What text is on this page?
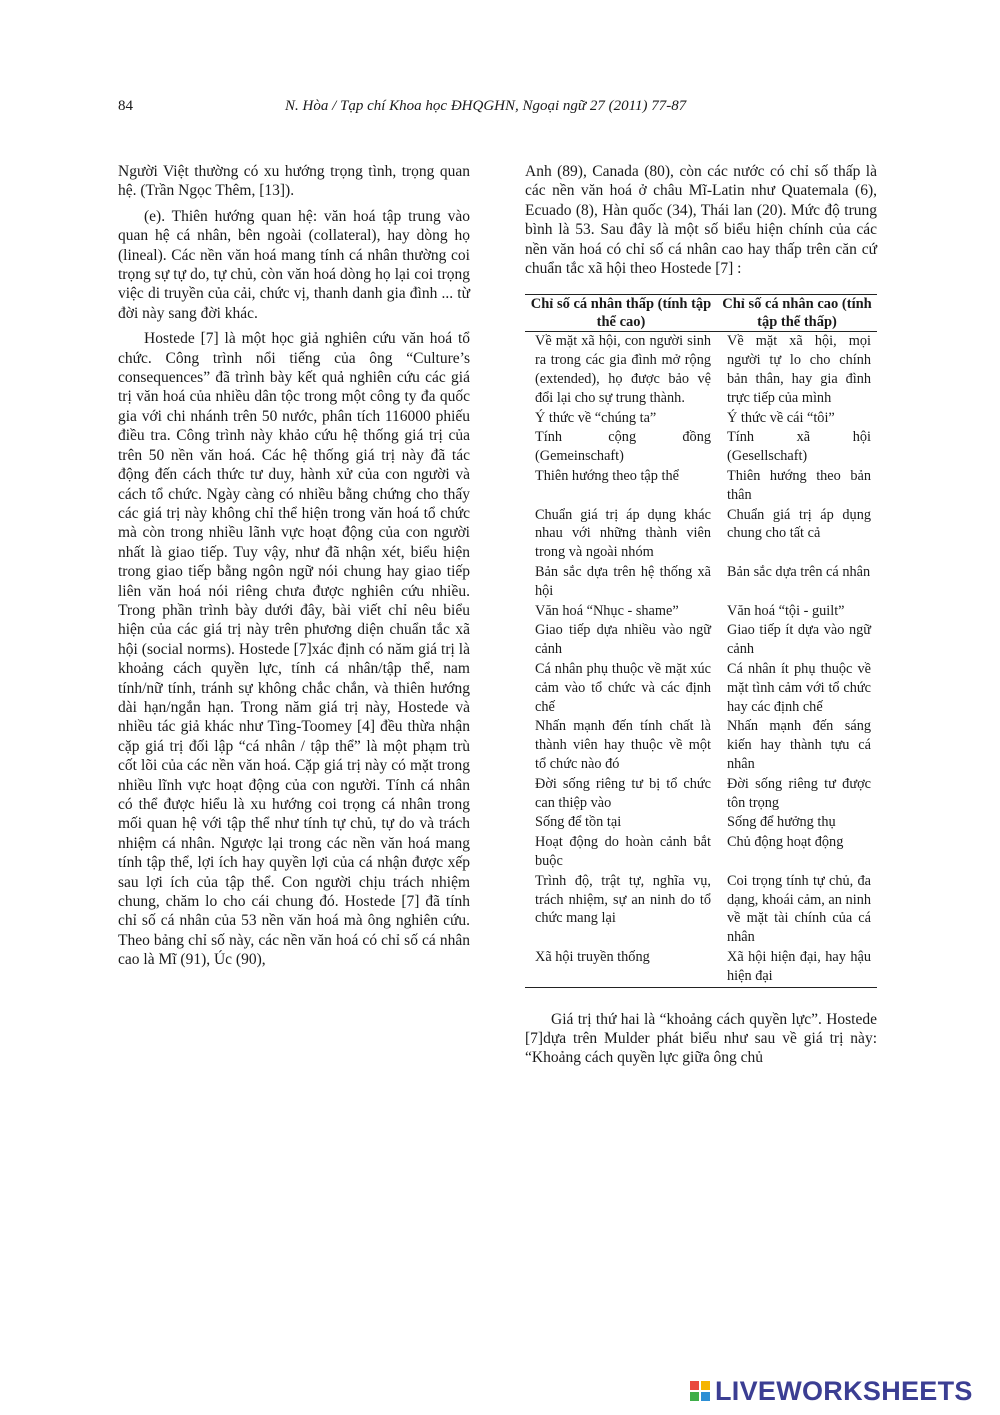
84	N. Hòa / Tạp chí Khoa học ĐHQGHN, Ngoại ngữ 27 (2011) 77-87

Người Việt thường có xu hướng trọng tình, trọng quan hệ. (Trần Ngọc Thêm, [13]).

(e). Thiên hướng quan hệ: văn hoá tập trung vào quan hệ cá nhân, bên ngoài (collateral), hay dòng họ (lineal). Các nền văn hoá mang tính cá nhân thường coi trọng sự tự do, tự chủ, còn văn hoá dòng họ lại coi trọng việc di truyền của cải, chức vị, thanh danh gia đình ... từ đời này sang đời khác.

Hostede [7] là một học giả nghiên cứu văn hoá tổ chức. Công trình nổi tiếng của ông “Culture’s consequences” đã trình bày kết quả nghiên cứu các giá trị văn hoá của nhiều dân tộc trong một công ty đa quốc gia với chi nhánh trên 50 nước, phân tích 116000 phiếu điều tra. Công trình này khảo cứu hệ thống giá trị của trên 50 nền văn hoá. Các hệ thống giá trị này đã tác động đến cách thức tư duy, hành xử của con người và cách tổ chức. Ngày càng có nhiều bằng chứng cho thấy các giá trị này không chỉ thể hiện trong văn hoá tổ chức mà còn trong nhiều lãnh vực hoạt động của con người nhất là giao tiếp. Tuy vậy, như đã nhận xét, biểu hiện trong giao tiếp bằng ngôn ngữ nói chung hay giao tiếp liên văn hoá nói riêng chưa được nghiên cứu nhiều. Trong phần trình bày dưới đây, bài viết chỉ nêu biểu hiện của các giá trị này trên phương diện chuẩn tắc xã hội (social norms). Hostede [7]xác định có năm giá trị là khoảng cách quyền lực, tính cá nhân/tập thể, nam tính/nữ tính, tránh sự không chắc chắn, và thiên hướng dài hạn/ngắn hạn. Trong năm giá trị này, Hostede và nhiều tác giả khác như Ting-Toomey [4] đều thừa nhận cặp giá trị đối lập “cá nhân / tập thể” là một phạm trù cốt lõi của các nền văn hoá. Cặp giá trị này có mặt trong nhiều lĩnh vực hoạt động của con người. Tính cá nhân có thể được hiểu là xu hướng coi trọng cá nhân trong mối quan hệ với tập thể như tính tự chủ, tự do và trách nhiệm cá nhân. Ngược lại trong các nền văn hoá mang tính tập thể, lợi ích hay quyền lợi của cá nhận được xếp sau lợi ích của tập thể. Con người chịu trách nhiệm chung, chăm lo cho cái chung đó. Hostede [7] đã tính chỉ số cá nhân của 53 nền văn hoá mà ông nghiên cứu. Theo bảng chỉ số này, các nền văn hoá có chỉ số cá nhân cao là Mĩ (91), Úc (90),

Anh (89), Canada (80), còn các nước có chỉ số thấp là các nền văn hoá ở châu Mĩ-Latin như Quatemala (6), Ecuado (8), Hàn quốc (34), Thái lan (20). Mức độ trung bình là 53. Sau đây là một số biểu hiện chính của các nền văn hoá có chỉ số cá nhân cao hay thấp trên căn cứ chuẩn tắc xã hội theo Hostede [7] :

Chỉ số cá nhân thấp (tính tập thể cao)	Chỉ số cá nhân cao (tính tập thể thấp)
Về mặt xã hội, con người sinh ra trong các gia đình mở rộng (extended), họ được bảo vệ đổi lại cho sự trung thành.	Về mặt xã hội, mọi người tự lo cho chính bản thân, hay gia đình trực tiếp của mình
Ý thức về “chúng ta”	Ý thức về cái “tôi”
Tính cộng đồng (Gemeinschaft)	Tính xã hội (Gesellschaft)
Thiên hướng theo tập thể	Thiên hướng theo bản thân
Chuẩn giá trị áp dụng khác nhau với những thành viên trong và ngoài nhóm	Chuẩn giá trị áp dụng chung cho tất cả
Bản sắc dựa trên hệ thống xã hội	Bản sắc dựa trên cá nhân
Văn hoá “Nhục - shame”	Văn hoá “tội - guilt”
Giao tiếp dựa nhiều vào ngữ cảnh	Giao tiếp ít dựa vào ngữ cảnh
Cá nhân phụ thuộc về mặt xúc cảm vào tổ chức và các định chế	Cá nhân ít phụ thuộc về mặt tình cảm với tổ chức hay các định chế
Nhấn mạnh đến tính chất là thành viên hay thuộc về một tổ chức nào đó	Nhấn mạnh đến sáng kiến hay thành tựu cá nhân
Đời sống riêng tư bị tổ chức can thiệp vào	Đời sống riêng tư được tôn trọng
Sống để tồn tại	Sống để hưởng thụ
Hoạt động do hoàn cảnh bắt buộc	Chủ động hoạt động
Trình độ, trật tự, nghĩa vụ, trách nhiệm, sự an ninh do tổ chức mang lại	Coi trọng tính tự chủ, đa dạng, khoái cảm, an ninh về mặt tài chính của cá nhân
Xã hội truyền thống	Xã hội hiện đại, hay hậu hiện đại

Giá trị thứ hai là “khoảng cách quyền lực”. Hostede [7]dựa trên Mulder phát biểu như sau về giá trị này: “Khoảng cách quyền lực giữa ông chủ

LIVEWORKSHEETS
